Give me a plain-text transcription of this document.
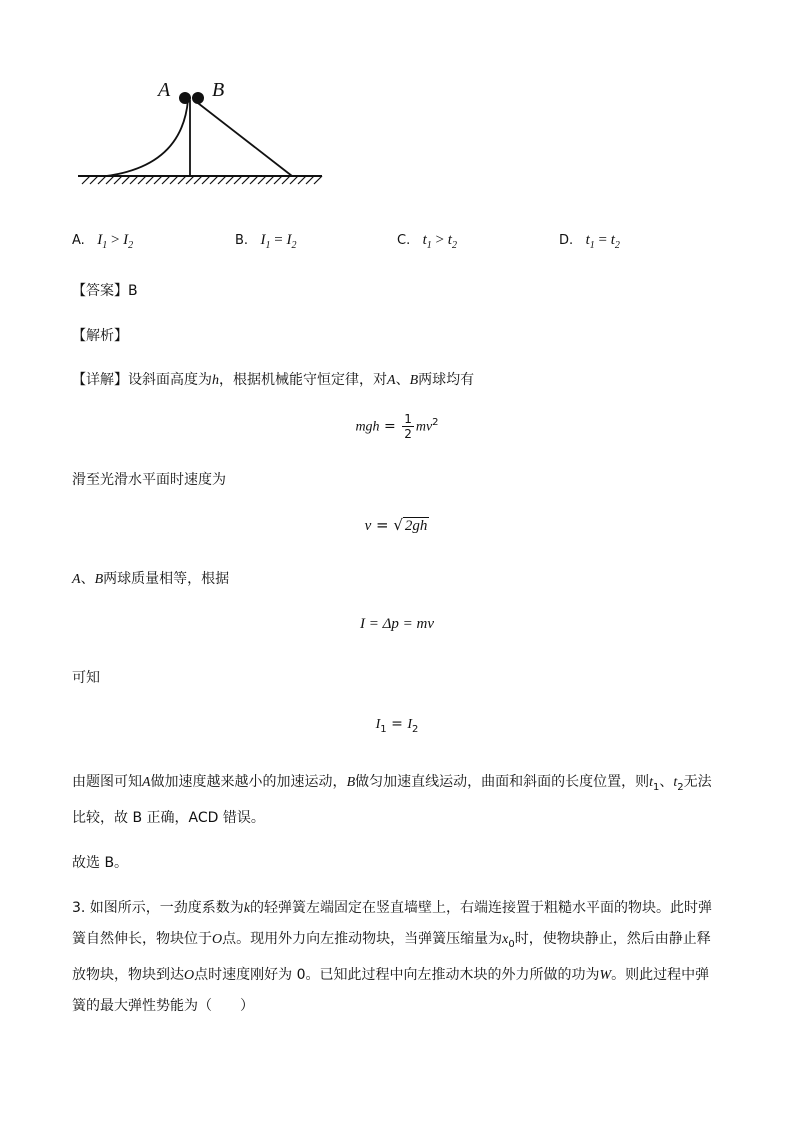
A B
A. $I_1 > I_2$	B. $I_1 = I_2$	C. $t_1 > t_2$	D. $t_1 = t_2$
【答案】B
【解析】
【详解】设斜面高度为h，根据机械能守恒定律，对A、B两球均有
mgh = $\frac{1}{2} mv^2$
滑至光滑水平面时速度为
v = √ 2gh
A、B两球质量相等，根据
I = Δp = mv
可知
$I_1 = I_2$
由题图可知A做加速度越来越小的加速运动，B做匀加速直线运动，曲面和斜面的长度位置，则$t_1$、$t_2$无法比较，故 B 正确，ACD 错误。
故选 B。
3. 如图所示，一劲度系数为k的轻弹簧左端固定在竖直墙壁上，右端连接置于粗糙水平面的物块。此时弹簧自然伸长，物块位于O点。现用外力向左推动物块，当弹簧压缩量为$x_0$时，使物块静止，然后由静止释放物块，物块到达O点时速度刚好为 0。已知此过程中向左推动木块的外力所做的功为W。则此过程中弹簧的最大弹性势能为（　　）
